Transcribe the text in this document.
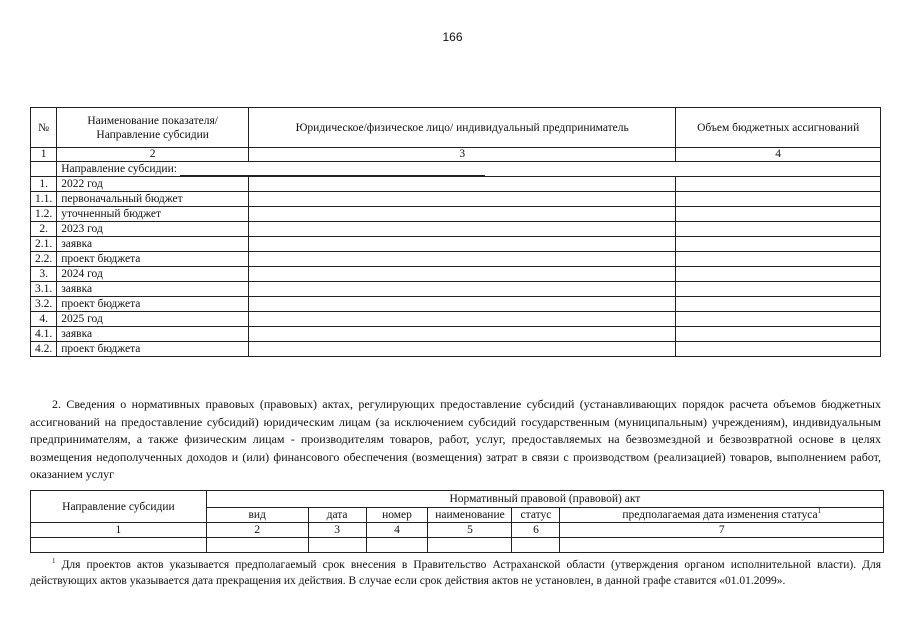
166
№	Наименование показателя/ Направление субсидии	Юридическое/физическое лицо/ индивидуальный предприниматель	Объем бюджетных ассигнований
1	2	3	4
	Направление субсидии:		
1.	2022 год		
1.1.	первоначальный бюджет		
1.2.	уточненный бюджет		
2.	2023 год		
2.1.	заявка		
2.2.	проект бюджета		
3.	2024 год		
3.1.	заявка		
3.2.	проект бюджета		
4.	2025 год		
4.1.	заявка		
4.2.	проект бюджета		

2. Сведения о нормативных правовых (правовых) актах, регулирующих предоставление субсидий (устанавливающих порядок расчета объемов бюджетных ассигнований на предоставление субсидий) юридическим лицам (за исключением субсидий государственным (муниципальным) учреждениям), индивидуальным предпринимателям, а также физическим лицам - производителям товаров, работ, услуг, предоставляемых на безвозмездной и безвозвратной основе в целях возмещения недополученных доходов и (или) финансового обеспечения (возмещения) затрат в связи с производством (реализацией) товаров, выполнением работ, оказанием услуг

Направление субсидии	Нормативный правовой (правовой) акт					
	вид	дата	номер	наименование	статус	предполагаемая дата изменения статуса$^1$
1	2	3	4	5	6	7

$^1$ Для проектов актов указывается предполагаемый срок внесения в Правительство Астраханской области (утверждения органом исполнительной власти). Для действующих актов указывается дата прекращения их действия. В случае если срок действия актов не установлен, в данной графе ставится «01.01.2099».
